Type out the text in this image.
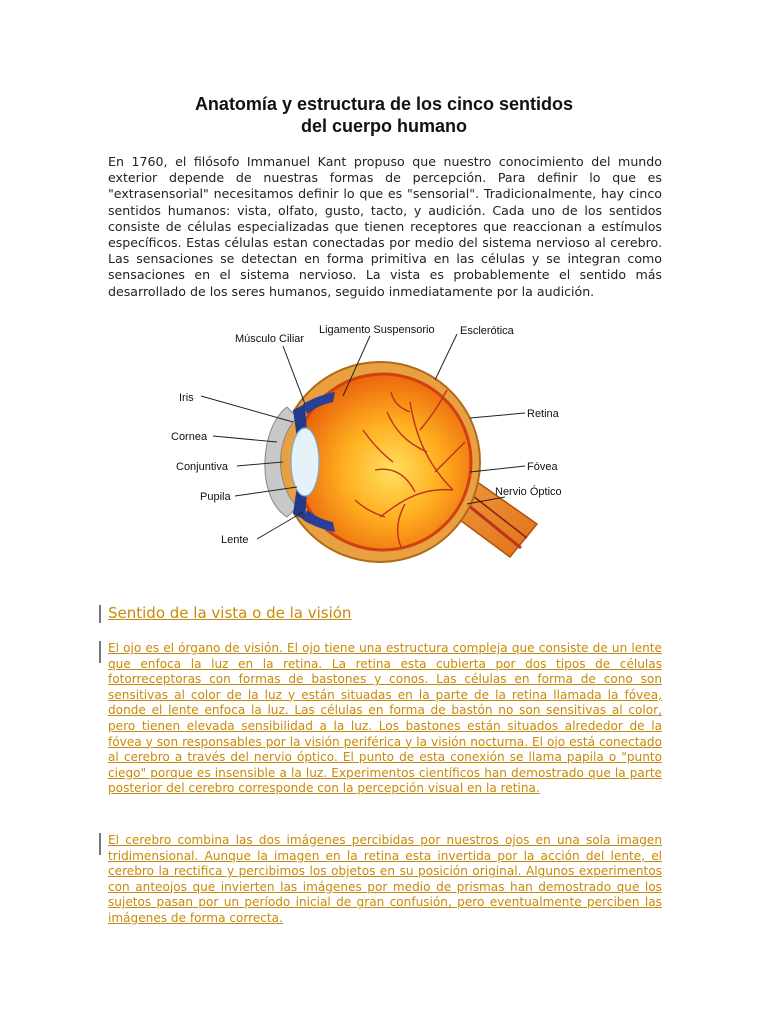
Anatomía y estructura de los cinco sentidos
del cuerpo humano

En 1760, el filósofo Immanuel Kant propuso que nuestro conocimiento del mundo exterior depende de nuestras formas de percepción. Para definir lo que es "extrasensorial" necesitamos definir lo que es "sensorial". Tradicionalmente, hay cinco sentidos humanos: vista, olfato, gusto, tacto, y audición. Cada uno de los sentidos consiste de células especializadas que tienen receptores que reaccionan a estímulos específicos. Estas células estan conectadas por medio del sistema nervioso al cerebro. Las sensaciones se detectan en forma primitiva en las células y se integran como sensaciones en el sistema nervioso. La vista es probablemente el sentido más desarrollado de los seres humanos, seguido inmediatamente por la audición.

Músculo Ciliar
Ligamento Suspensorio Esclerótica
Iris
Retina
Cornea
Conjuntiva	Fóvea
Nervio Óptico
Pupila
Lente
Sentido de la vista o de la visión

El ojo es el órgano de visión. El ojo tiene una estructura compleja que consiste de un lente que enfoca la luz en la retina. La retina esta cubierta por dos tipos de células fotorreceptoras con formas de bastones y conos. Las células en forma de cono son sensitivas al color de la luz y están situadas en la parte de la retina llamada la fóvea, donde el lente enfoca la luz. Las células en forma de bastón no son sensitivas al color, pero tienen elevada sensibilidad a la luz. Los bastones están situados alrededor de la fóvea y son responsables por la visión periférica y la visión nocturna. El ojo está conectado al cerebro a través del nervio óptico. El punto de esta conexión se llama papila o "punto ciego" porque es insensible a la luz. Experimentos científicos han demostrado que la parte posterior del cerebro corresponde con la percepción visual en la retina.

El cerebro combina las dos imágenes percibidas por nuestros ojos en una sola imagen tridimensional. Aunque la imagen en la retina esta invertida por la acción del lente, el cerebro la rectifica y percibimos los objetos en su posición original. Algunos experimentos con anteojos que invierten las imágenes por medio de prismas han demostrado que los sujetos pasan por un período inicial de gran confusión, pero eventualmente perciben las imágenes de forma correcta.
